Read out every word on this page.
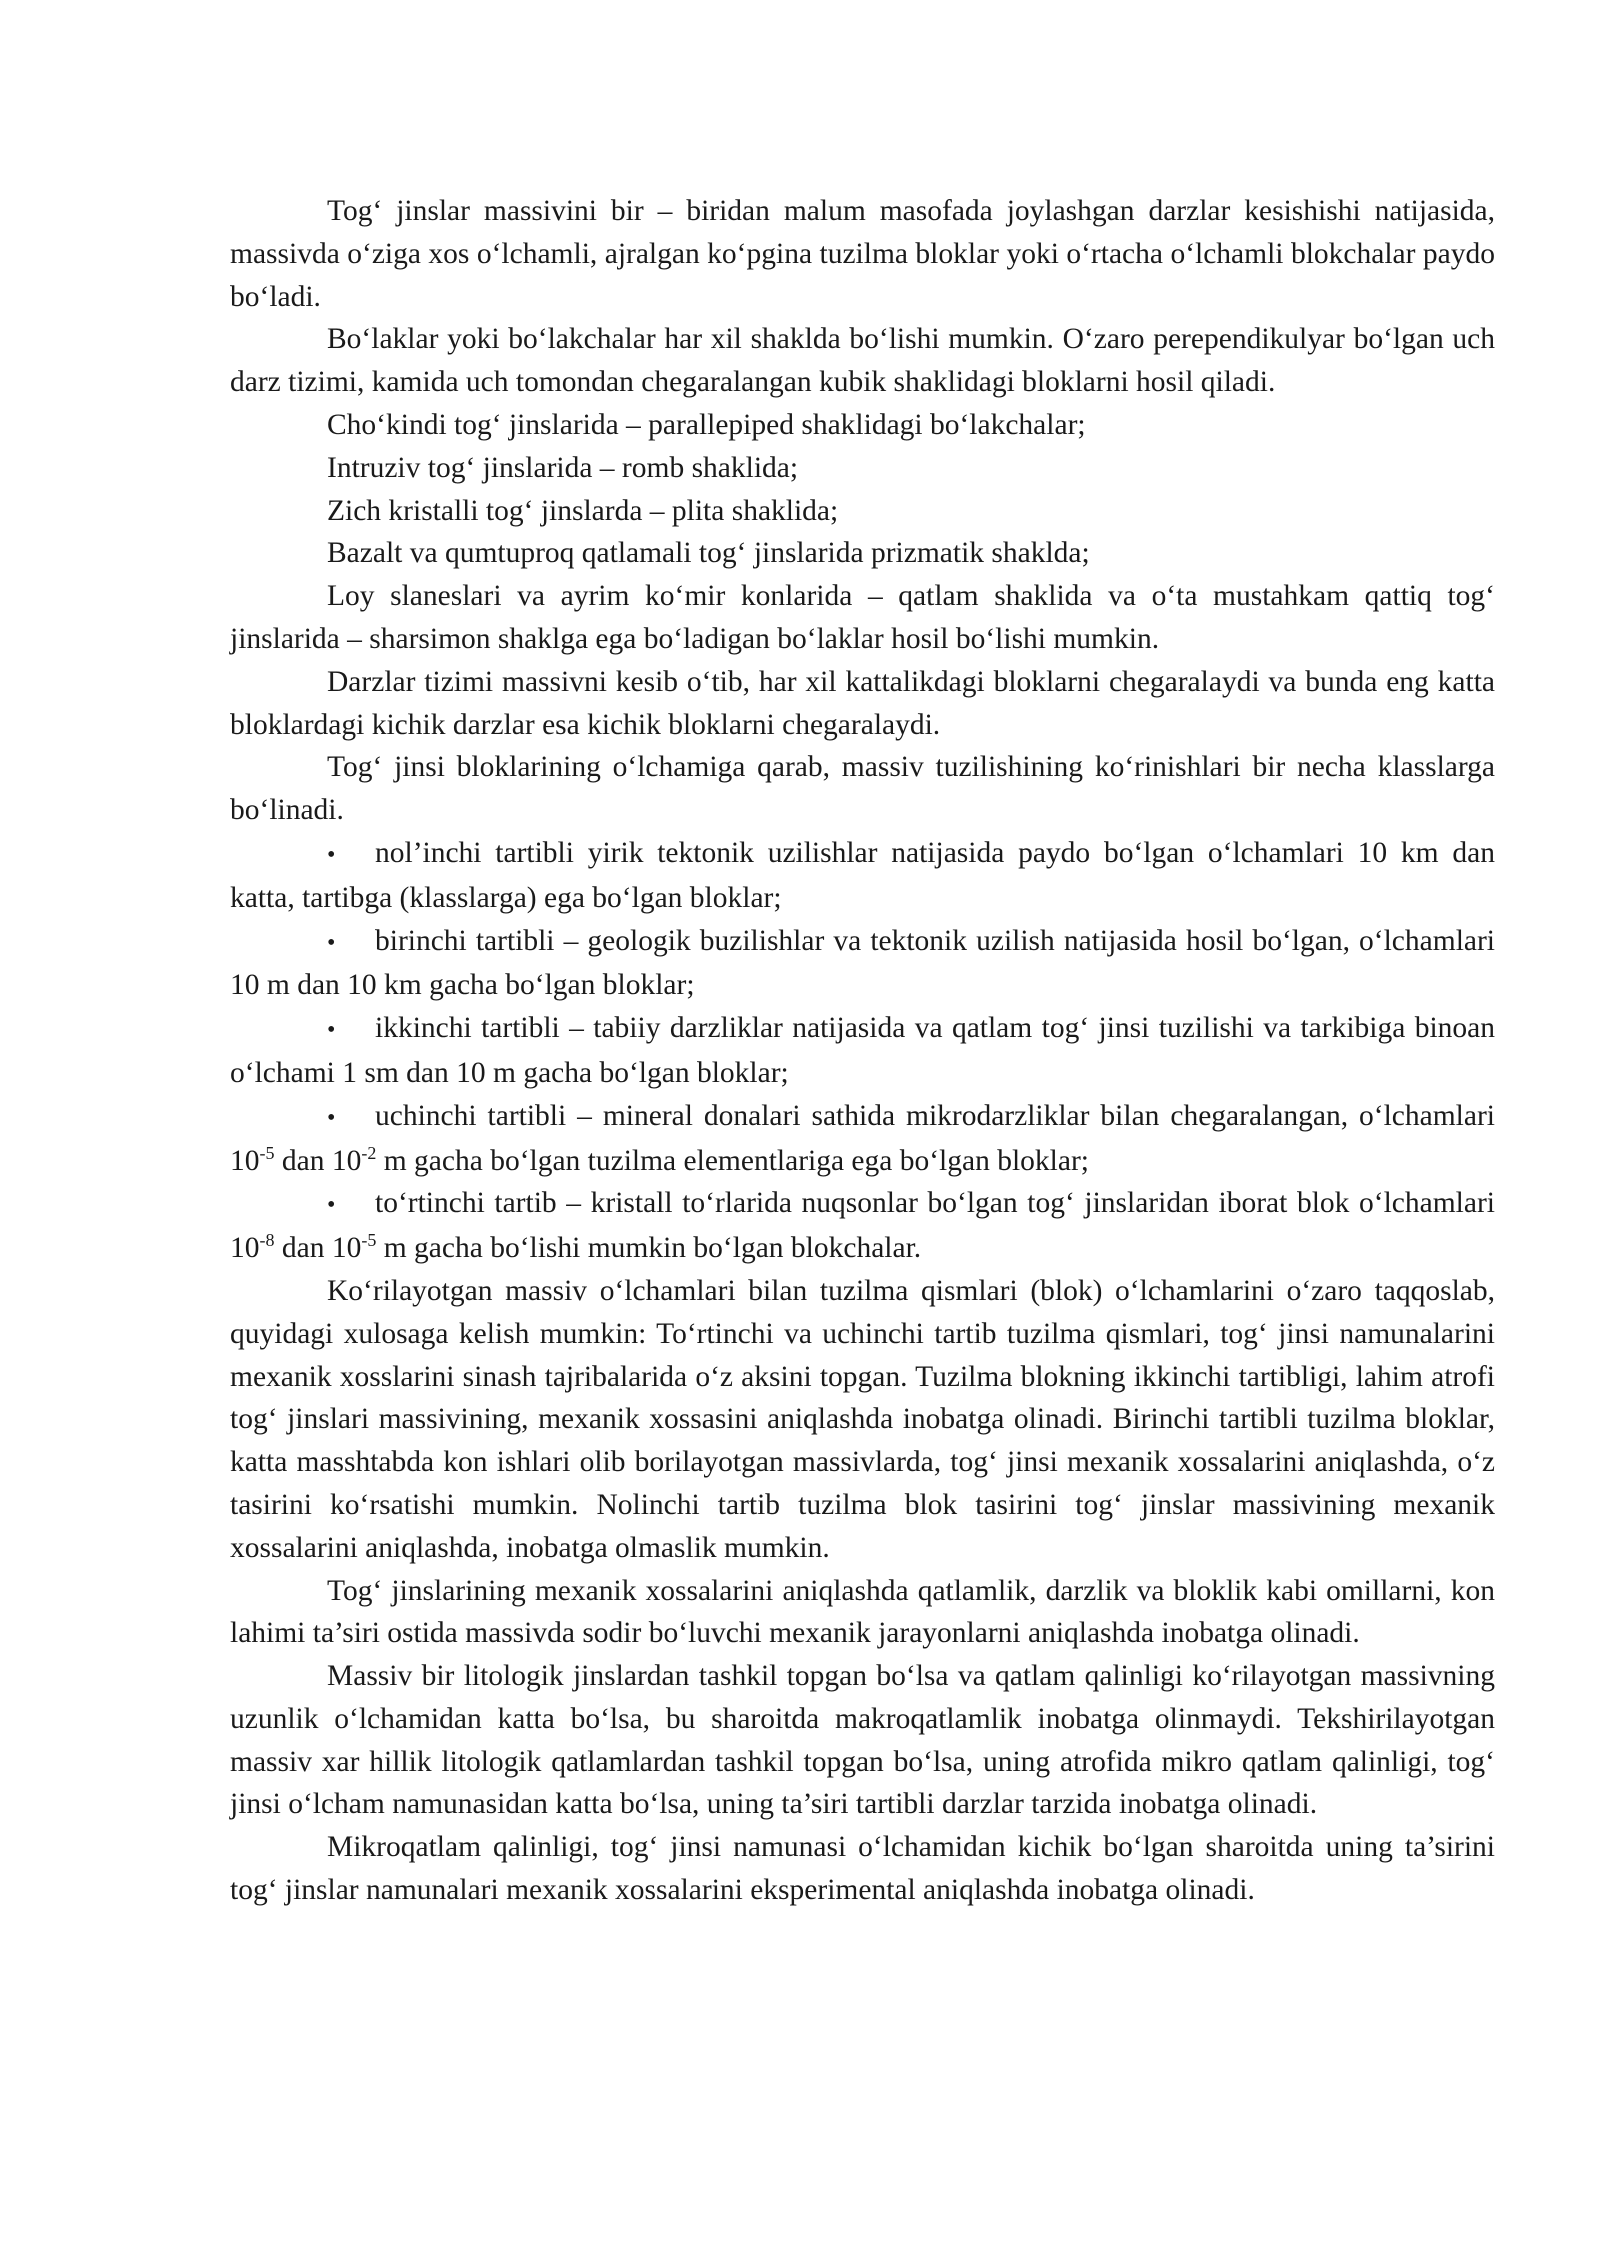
Tog‘ jinslar massivini bir – biridan malum masofada joylashgan darzlar kesishishi natijasida, massivda o‘ziga xos o‘lchamli, ajralgan ko‘pgina tuzilma bloklar yoki o‘rtacha o‘lchamli blokchalar paydo bo‘ladi.

Bo‘laklar yoki bo‘lakchalar har xil shaklda bo‘lishi mumkin. O‘zaro perependikulyar bo‘lgan uch darz tizimi, kamida uch tomondan chegaralangan kubik shaklidagi bloklarni hosil qiladi.

Cho‘kindi tog‘ jinslarida – parallepiped shaklidagi bo‘lakchalar;

Intruziv tog‘ jinslarida – romb shaklida;

Zich kristalli tog‘ jinslarda – plita shaklida;

Bazalt va qumtuproq qatlamali tog‘ jinslarida prizmatik shaklda;

Loy slaneslari va ayrim ko‘mir konlarida – qatlam shaklida va o‘ta mustahkam qattiq tog‘ jinslarida – sharsimon shaklga ega bo‘ladigan bo‘laklar hosil bo‘lishi mumkin.

Darzlar tizimi massivni kesib o‘tib, har xil kattalikdagi bloklarni chegaralaydi va bunda eng katta bloklardagi kichik darzlar esa kichik bloklarni chegaralaydi.

Tog‘ jinsi bloklarining o‘lchamiga qarab, massiv tuzilishining ko‘rinishlari bir necha klasslarga bo‘linadi.

• nol’inchi tartibli yirik tektonik uzilishlar natijasida paydo bo‘lgan o‘lchamlari 10 km dan katta, tartibga (klasslarga) ega bo‘lgan bloklar;

• birinchi tartibli – geologik buzilishlar va tektonik uzilish natijasida hosil bo‘lgan, o‘lchamlari 10 m dan 10 km gacha bo‘lgan bloklar;

• ikkinchi tartibli – tabiiy darzliklar natijasida va qatlam tog‘ jinsi tuzilishi va tarkibiga binoan o‘lchami 1 sm dan 10 m gacha bo‘lgan bloklar;

• uchinchi tartibli – mineral donalari sathida mikrodarzliklar bilan chegaralangan, o‘lchamlari $10^{-5}$ dan $10^{-2}$ m gacha bo‘lgan tuzilma elementlariga ega bo‘lgan bloklar;

• to‘rtinchi tartib – kristall to‘rlarida nuqsonlar bo‘lgan tog‘ jinslaridan iborat blok o‘lchamlari $10^{-8}$ dan $10^{-5}$ m gacha bo‘lishi mumkin bo‘lgan blokchalar.

Ko‘rilayotgan massiv o‘lchamlari bilan tuzilma qismlari (blok) o‘lchamlarini o‘zaro taqqoslab, quyidagi xulosaga kelish mumkin: To‘rtinchi va uchinchi tartib tuzilma qismlari, tog‘ jinsi namunalarini mexanik xosslarini sinash tajribalarida o‘z aksini topgan. Tuzilma blokning ikkinchi tartibligi, lahim atrofi tog‘ jinslari massivining, mexanik xossasini aniqlashda inobatga olinadi. Birinchi tartibli tuzilma bloklar, katta masshtabda kon ishlari olib borilayotgan massivlarda, tog‘ jinsi mexanik xossalarini aniqlashda, o‘z tasirini ko‘rsatishi mumkin. Nolinchi tartib tuzilma blok tasirini tog‘ jinslar massivining mexanik xossalarini aniqlashda, inobatga olmaslik mumkin.

Tog‘ jinslarining mexanik xossalarini aniqlashda qatlamlik, darzlik va bloklik kabi omillarni, kon lahimi ta’siri ostida massivda sodir bo‘luvchi mexanik jarayonlarni aniqlashda inobatga olinadi.

Massiv bir litologik jinslardan tashkil topgan bo‘lsa va qatlam qalinligi ko‘rilayotgan massivning uzunlik o‘lchamidan katta bo‘lsa, bu sharoitda makroqatlamlik inobatga olinmaydi. Tekshirilayotgan massiv xar hillik litologik qatlamlardan tashkil topgan bo‘lsa, uning atrofida mikro qatlam qalinligi, tog‘ jinsi o‘lcham namunasidan katta bo‘lsa, uning ta’siri tartibli darzlar tarzida inobatga olinadi.

Mikroqatlam qalinligi, tog‘ jinsi namunasi o‘lchamidan kichik bo‘lgan sharoitda uning ta’sirini tog‘ jinslar namunalari mexanik xossalarini eksperimental aniqlashda inobatga olinadi.
